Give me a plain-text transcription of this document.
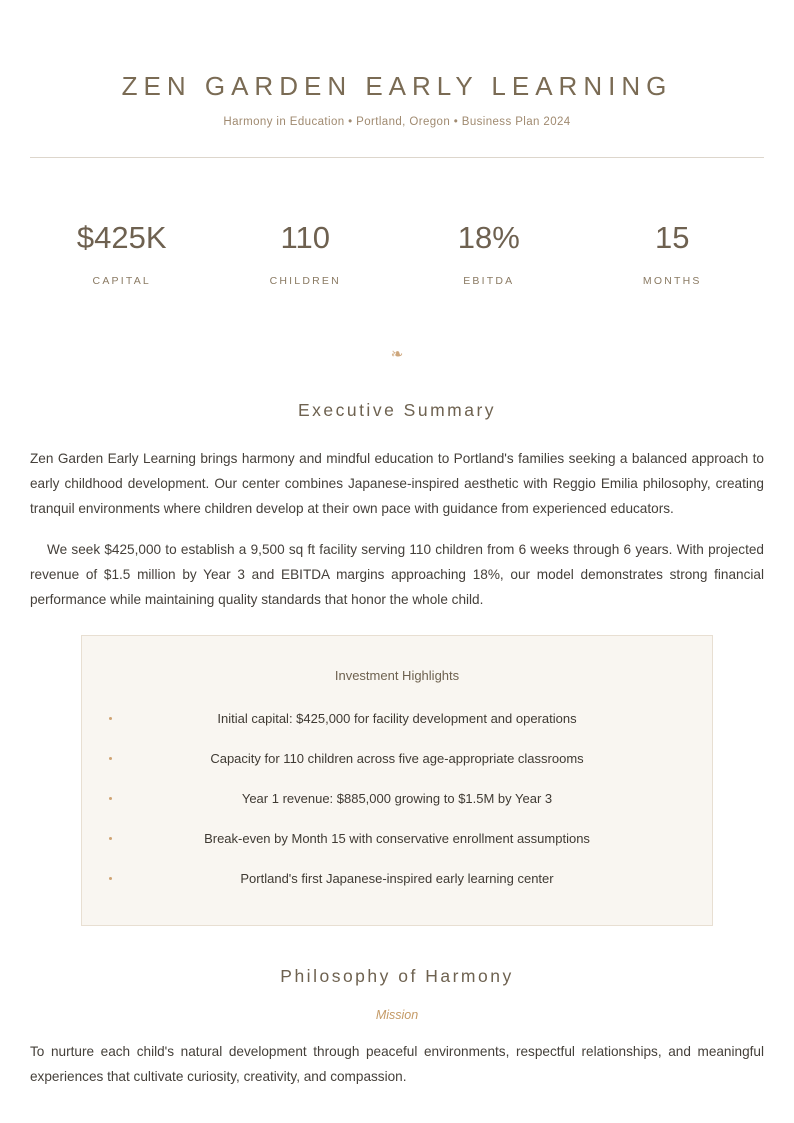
ZEN GARDEN EARLY LEARNING

Harmony in Education • Portland, Oregon • Business Plan 2024

$425K
CAPITAL
110
CHILDREN
18%
EBITDA
15
MONTHS
❧
Executive Summary

Zen Garden Early Learning brings harmony and mindful education to Portland's families seeking a balanced approach to early childhood development. Our center combines Japanese-inspired aesthetic with Reggio Emilia philosophy, creating tranquil environments where children develop at their own pace with guidance from experienced educators.

We seek $425,000 to establish a 9,500 sq ft facility serving 110 children from 6 weeks through 6 years. With projected revenue of $1.5 million by Year 3 and EBITDA margins approaching 18%, our model demonstrates strong financial performance while maintaining quality standards that honor the whole child.

Investment Highlights
Initial capital: $425,000 for facility development and operations
Capacity for 110 children across five age-appropriate classrooms
Year 1 revenue: $885,000 growing to $1.5M by Year 3
Break-even by Month 15 with conservative enrollment assumptions
Portland's first Japanese-inspired early learning center
Philosophy of Harmony
Mission

To nurture each child's natural development through peaceful environments, respectful relationships, and meaningful experiences that cultivate curiosity, creativity, and compassion.
